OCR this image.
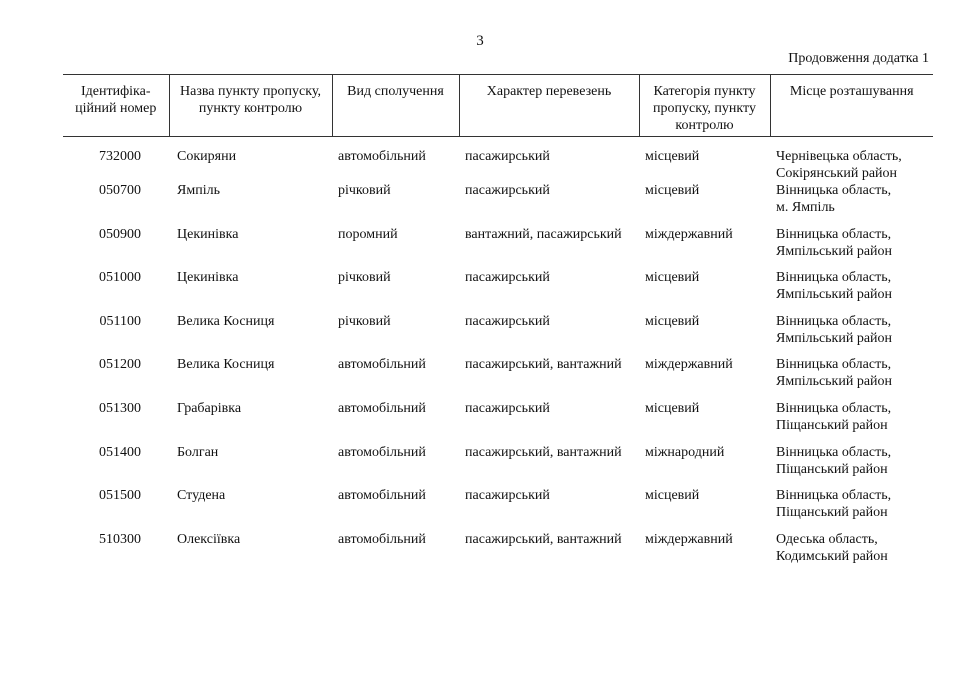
3
Продовження додатка 1
Ідентифіка-ційний номер	Назва пункту пропуску, пункту контролю	Вид сполучення	Характер перевезень	Категорія пункту пропуску, пункту контролю	Місце розташування
732000	Сокиряни	автомобільний	пасажирський	місцевий	Чернівецька область,
Сокірянський район

050700	Ямпіль	річковий	пасажирський	місцевий	Вінницька область,
м. Ямпіль

050900	Цекинівка	поромний	вантажний, пасажирський	міждержавний	Вінницька область,
Ямпільський район

051000	Цекинівка	річковий	пасажирський	місцевий	Вінницька область,
Ямпільський район

051100	Велика Косниця	річковий	пасажирський	місцевий	Вінницька область,
Ямпільський район

051200	Велика Косниця	автомобільний	пасажирський, вантажний	міждержавний	Вінницька область,
Ямпільський район

051300	Грабарівка	автомобільний	пасажирський	місцевий	Вінницька область,
Піщанський район

051400	Болган	автомобільний	пасажирський, вантажний	міжнародний	Вінницька область,
Піщанський район

051500	Студена	автомобільний	пасажирський	місцевий	Вінницька область,
Піщанський район

510300	Олексіївка	автомобільний	пасажирський, вантажний	міждержавний	Одеська область,
Кодимський район
